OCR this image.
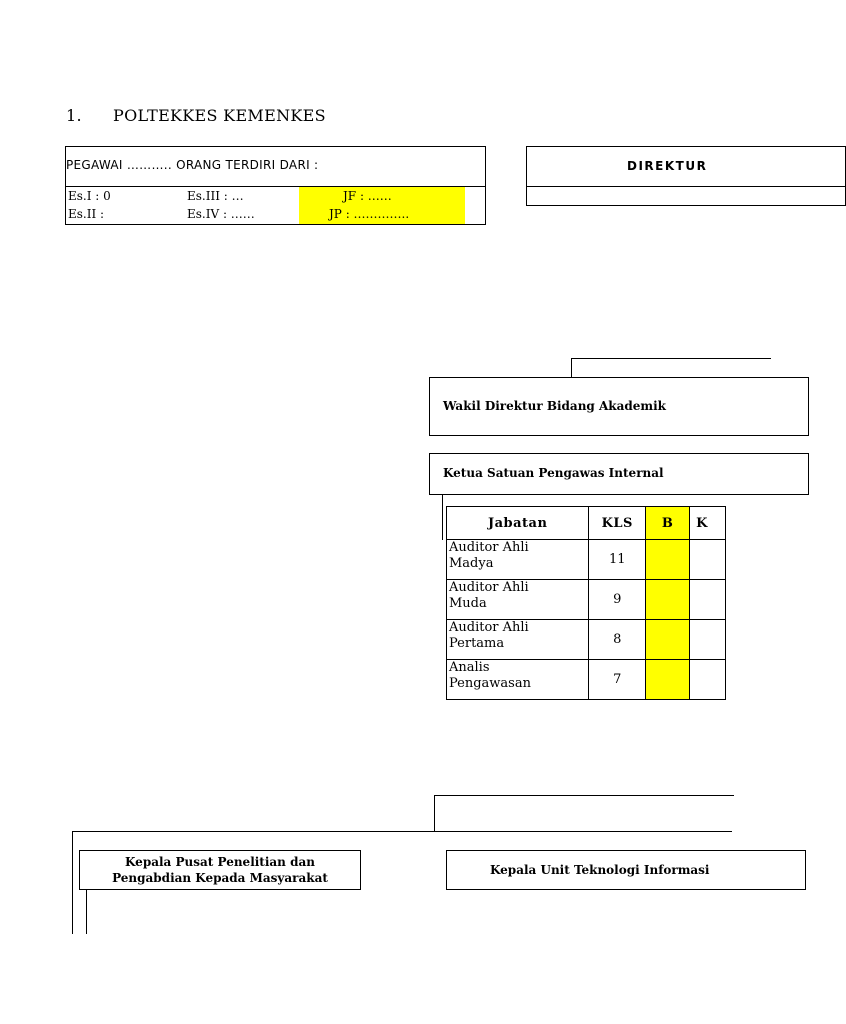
1. POLTEKKES KEMENKES
PEGAWAI ……….. ORANG TERDIRI DARI :
Es.I : 0
Es.II :
Es.III : …
Es.IV : ……
JF : ……
JP : …………..
DIREKTUR
Wakil Direktur Bidang Akademik
Ketua Satuan Pengawas Internal
Jabatan	KLS	B	K

Auditor Ahli
Madya	11		

Auditor Ahli
Muda	9		

Auditor Ahli
Pertama	8		

Analis
Pengawasan	7		
Kepala Pusat Penelitian dan
Pengabdian Kepada Masyarakat
Kepala Unit Teknologi Informasi
